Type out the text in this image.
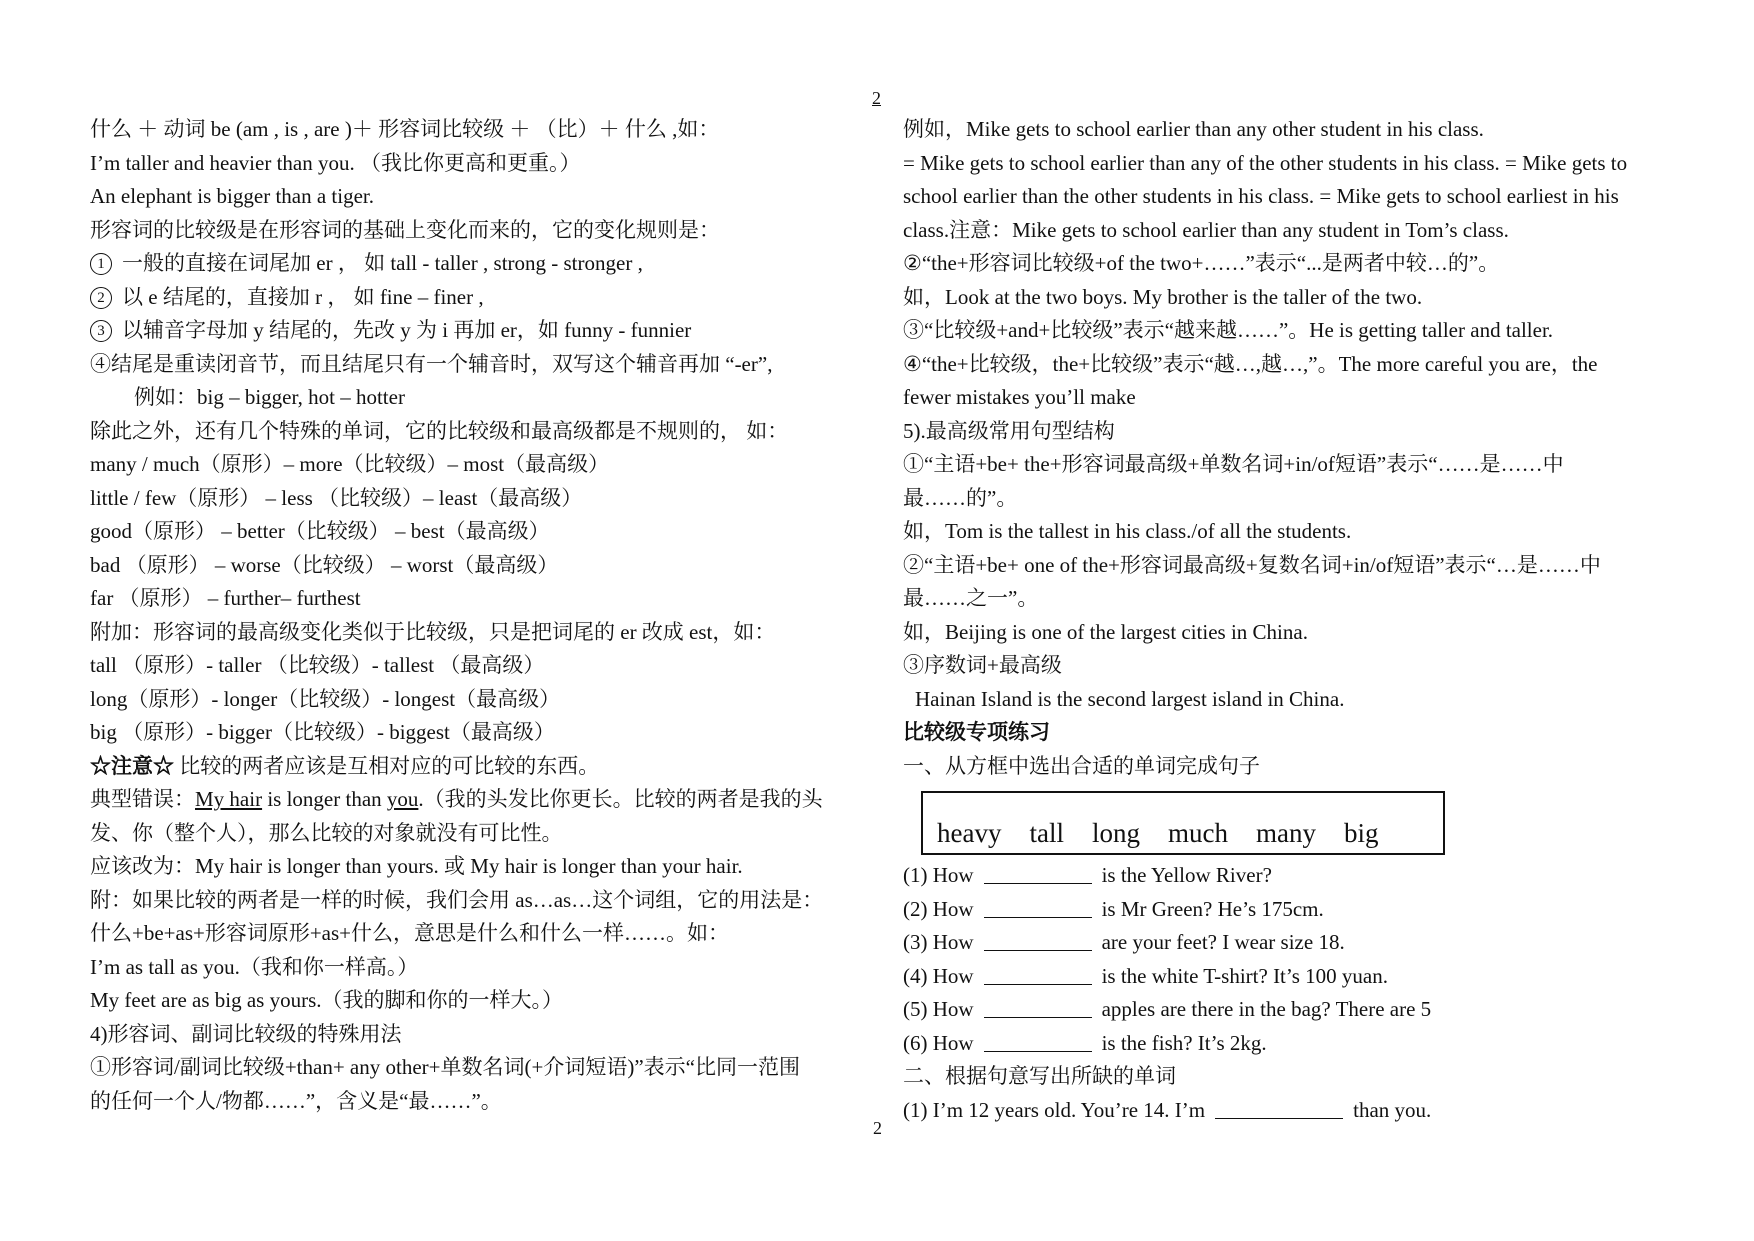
2
什么 ＋ 动词 be (am , is , are )＋ 形容词比较级 ＋ （比）＋ 什么 ,如：
I’m taller and heavier than you. （我比你更高和更重。）
An elephant is bigger than a tiger.
形容词的比较级是在形容词的基础上变化而来的，它的变化规则是：
1 一般的直接在词尾加 er ， 如 tall - taller , strong - stronger ,
2 以 e 结尾的，直接加 r ， 如 fine – finer ,
3 以辅音字母加 y 结尾的，先改 y 为 i 再加 er，如 funny - funnier
④结尾是重读闭音节，而且结尾只有一个辅音时，双写这个辅音再加 “-er”,
例如：big – bigger, hot – hotter
除此之外，还有几个特殊的单词，它的比较级和最高级都是不规则的， 如：
many / much（原形）– more（比较级）– most（最高级）
little / few（原形） – less （比较级）– least（最高级）
good（原形） – better（比较级） – best（最高级）
bad （原形） – worse（比较级） – worst（最高级）
far （原形） – further– furthest
附加：形容词的最高级变化类似于比较级，只是把词尾的 er 改成 est，如：
tall （原形）- taller （比较级）- tallest （最高级）
long（原形）- longer（比较级）- longest（最高级）
big （原形）- bigger（比较级）- biggest（最高级）
☆注意☆ 比较的两者应该是互相对应的可比较的东西。
典型错误：My hair is longer than you.（我的头发比你更长。比较的两者是我的头
发、你（整个人），那么比较的对象就没有可比性。
应该改为：My hair is longer than yours. 或 My hair is longer than your hair.
附：如果比较的两者是一样的时候，我们会用 as…as…这个词组，它的用法是：
什么+be+as+形容词原形+as+什么，意思是什么和什么一样……。如：
I’m as tall as you.（我和你一样高。）
My feet are as big as yours.（我的脚和你的一样大。）
4)形容词、副词比较级的特殊用法
①形容词/副词比较级+than+ any other+单数名词(+介词短语)”表示“比同一范围
的任何一个人/物都……”，含义是“最……”。
例如，Mike gets to school earlier than any other student in his class.
= Mike gets to school earlier than any of the other students in his class. = Mike gets to
school earlier than the other students in his class. = Mike gets to school earliest in his
class.注意：Mike gets to school earlier than any student in Tom’s class.
②“the+形容词比较级+of the two+……”表示“...是两者中较…的”。
如，Look at the two boys. My brother is the taller of the two.
③“比较级+and+比较级”表示“越来越……”。He is getting taller and taller.
④“the+比较级，the+比较级”表示“越…,越…,”。The more careful you are，the
fewer mistakes you’ll make
5).最高级常用句型结构
①“主语+be+ the+形容词最高级+单数名词+in/of短语”表示“……是……中
最……的”。
如，Tom is the tallest in his class./of all the students.
②“主语+be+ one of the+形容词最高级+复数名词+in/of短语”表示“…是……中
最……之一”。
如，Beijing is one of the largest cities in China.
③序数词+最高级
Hainan Island is the second largest island in China.
比较级专项练习
一、从方框中选出合适的单词完成句子
heavy tall long much many big
(1) How	is the Yellow River?
(2) How	is Mr Green? He’s 175cm.
(3) How	are your feet? I wear size 18.
(4) How	is the white T-shirt? It’s 100 yuan.
(5) How	apples are there in the bag? There are 5
(6) How	is the fish? It’s 2kg.
二、根据句意写出所缺的单词
(1) I’m 12 years old. You’re 14. I’m	than you.
2
